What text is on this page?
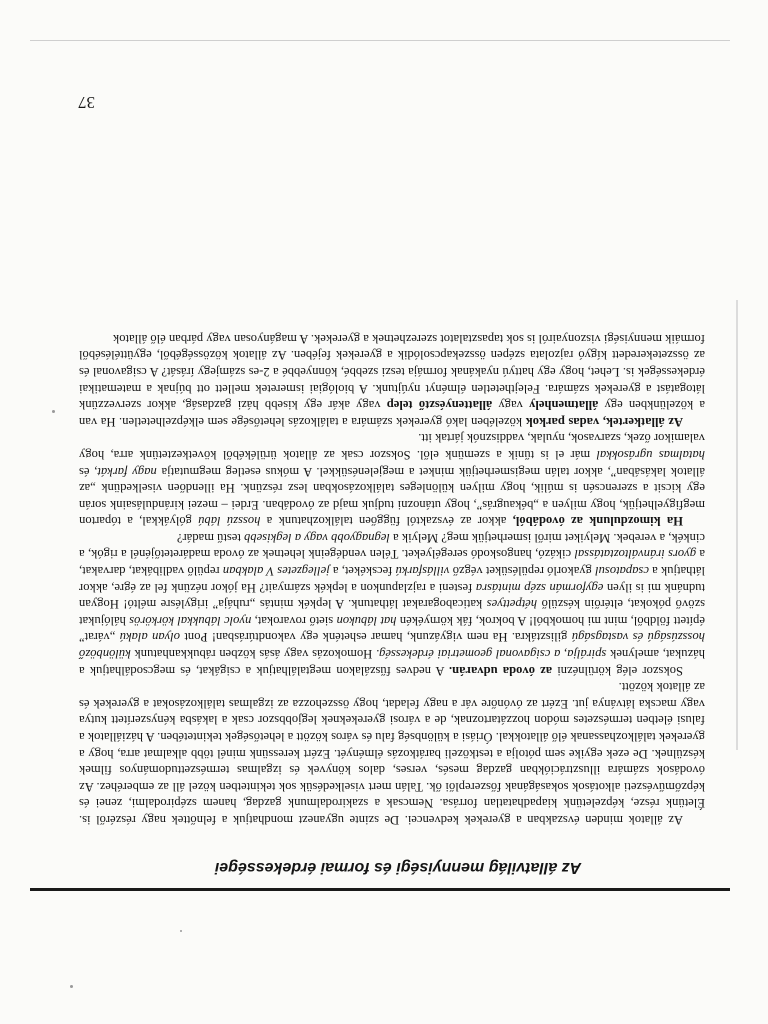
Az állatvilág mennyiségi és formai érdekességei

Az állatok minden évszakban a gyerekek kedvencei. De szinte ugyanezt mondhatjuk a felnőttek nagy részéről is. Életünk része, képzeletünk kiapadhatatlan forrása. Nemcsak a szakirodalmunk gazdag, hanem szépirodalmi, zenei és képzőművészeti alkotások sokaságának főszereplői ők. Talán mert viselkedésük sok tekintetben közel áll az emberéhez. Az óvodások számára illusztrációkban gazdag mesés, verses, dalos könyvek és izgalmas természettudományos filmek készülnek. De ezek egyike sem pótolja a testközeli barátkozás élményét. Ezért keressünk minél több alkalmat arra, hogy a gyerekek találkozhassanak élő állatokkal. Óriási a különbség falu és város között a lehetőségek tekintetében. A háziállatok a falusi életben természetes módon hozzátartoznak, de a városi gyerekeknek legjobbszor csak a lakásba kényszerített kutya vagy macska látványa jut. Ezért az óvónőre vár a nagy feladat, hogy összehozza az izgalmas találkozásokat a gyerekek és az állatok között.

Sokszor elég körülnézni az óvoda udvarán. A nedves fűszálakon megtalálhatjuk a csigákat, és megcsodálhatjuk a házukat, amelynek spirálja, a csigavonal geometriai érdekesség. Homokozás vagy ásás közben rábukkanhatunk különböző hosszúságú és vastagságú gilisztákra. Ha nem vigyázunk, hamar esheténk egy vakondtúrásban! Pont olyan alakú „várat” épített földből, mint mi homokból! A bokrok, fák környékén hat lábukon siető rovarokat, nyolc lábukkal körkörös hálójukat szövő pókokat, eltérőin készülő hétpettyes katicabogarakat láthatunk. A lepkék mintás „ruhája” irigylésre méltó! Hogyan tudnánk mi is ilyen egyformán szép mintásra festeni a rajzlapunkon a lepkék szárnyait? Ha jókor nézünk fel az égre, akkor láthatjuk a csapatosul gyakorló repülésüket végző villásfarkú fecskéket, a jellegzetes V alakban repülő vadlibákat, darvakat, a gyors iránváltoztatással cikázó, hangoskodó seregélyeket. Télen vendégeink lehetnek az óvoda madáretetőjénél a rigók, a cinkék, a verebek. Melyiket miről ismerhetjük meg? Melyik a legnagyobb vagy a legkisebb testű madár?

Ha kimozdulunk az óvodából, akkor az évszaktól függően találkozhatunk a hosszú lábú gólyákkal, a tóparton megfigyelhetjük, hogy milyen a „békaugrás”, hogy utánozni tudjuk majd az óvodában. Erdei – mezei kirándulásaink során egy kicsit a szerencsén is múlik, hogy milyen különleges találkozásokban lesz részünk. Ha illendően viselkedünk „az állatok lakásában”, akkor talán megismerhetjük minket a megjelenésükkel. A mókus esetleg megmutatja nagy farkát, és hatalmas ugrásokkal már el is tűnik a szemünk elől. Sokszor csak az állatok ürülékéből következtetünk arra, hogy valamikor őzek, szarvasok, nyulak, vaddisznók jártak itt.

Az állatkertek, vadas parkok közelében lakó gyerekek számára a találkozás lehetősége sem elképzelhetetlen. Ha van a közelünkben egy állatmenhely vagy állattenyésztő telep vagy akár egy kisebb házi gazdaság, akkor szervezzünk látogatást a gyerekek számára. Felejthetetlen élményt nyújtunk. A biológiai ismeretek mellett ott bújnak a matematikai érdekességek is. Lehet, hogy egy hattyú nyakának formája teszi szebbé, könnyebbé a 2-es számjegy írását? A csigavonal és az összetekeredett kígyó rajzolata szépen összekapcsolódik a gyerekek fejében. Az állatok közösségéből, együttéléséből formáik mennyiségi viszonyairól is sok tapasztalatot szerezhetnek a gyerekek. A magányosan vagy párban élő állatok

37
